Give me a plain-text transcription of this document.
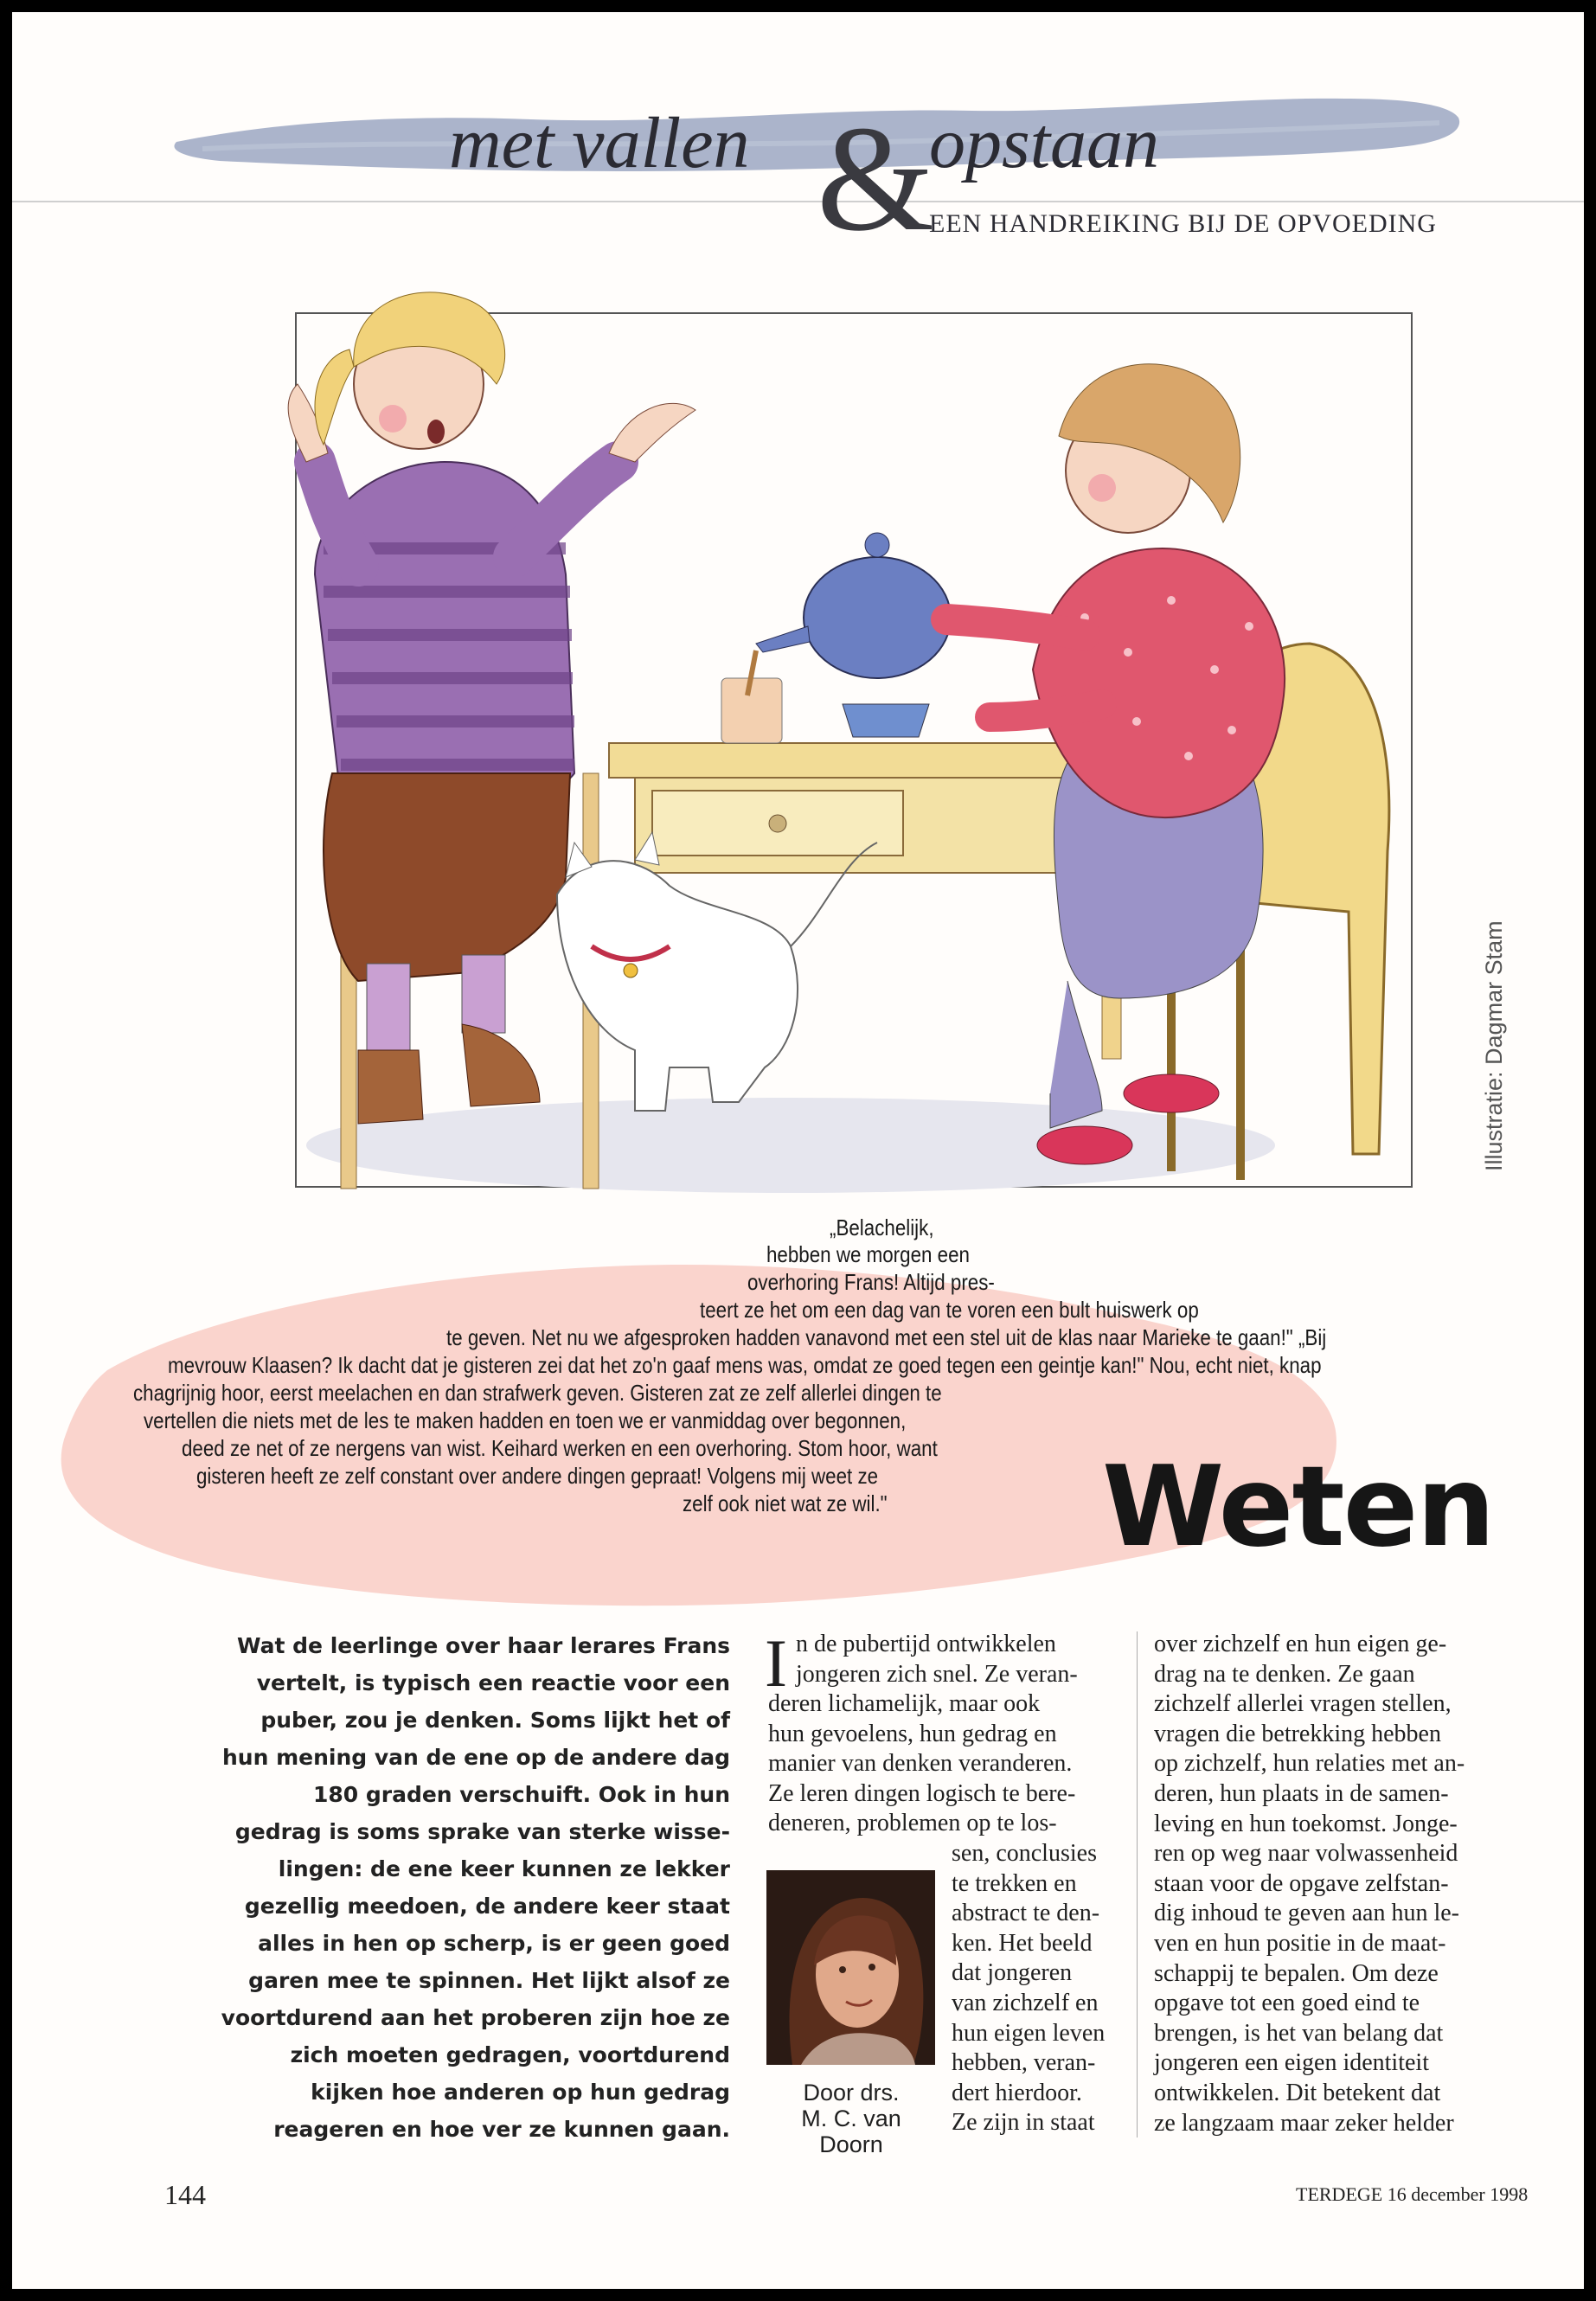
met vallen &
opstaan
EEN HANDREIKING BIJ DE OPVOEDING
Illustratie: Dagmar Stam
„Belachelijk,
hebben we morgen een
overhoring Frans! Altijd pres-
teert ze het om een dag van te voren een bult huiswerk op
te geven. Net nu we afgesproken hadden vanavond met een stel uit de klas naar Marieke te gaan!" „Bij
mevrouw Klaasen? Ik dacht dat je gisteren zei dat het zo'n gaaf mens was, omdat ze goed tegen een geintje kan!" Nou, echt niet, knap
chagrijnig hoor, eerst meelachen en dan strafwerk geven. Gisteren zat ze zelf allerlei dingen te
vertellen die niets met de les te maken hadden en toen we er vanmiddag over begonnen,
deed ze net of ze nergens van wist. Keihard werken en een overhoring. Stom hoor, want
gisteren heeft ze zelf constant over andere dingen gepraat! Volgens mij weet ze
zelf ook niet wat ze wil." Weten
Wat de leerlinge over haar lerares Frans
vertelt, is typisch een reactie voor een
puber, zou je denken. Soms lijkt het of
hun mening van de ene op de andere dag
180 graden verschuift. Ook in hun
gedrag is soms sprake van sterke wisse-
lingen: de ene keer kunnen ze lekker
gezellig meedoen, de andere keer staat
alles in hen op scherp, is er geen goed
garen mee te spinnen. Het lijkt alsof ze
voortdurend aan het proberen zijn hoe ze
zich moeten gedragen, voortdurend
kijken hoe anderen op hun gedrag
reageren en hoe ver ze kunnen gaan.
I n de pubertijd ontwikkelen
jongeren zich snel. Ze veran-
deren lichamelijk, maar ook
hun gevoelens, hun gedrag en
manier van denken veranderen.
Ze leren dingen logisch te bere-
deneren, problemen op te los-
sen, conclusies
te trekken en
abstract te den-
ken. Het beeld
dat jongeren
van zichzelf en
hun eigen leven
hebben, veran-
dert hierdoor.
Ze zijn in staat
Door drs.
M. C. van
Doorn
over zichzelf en hun eigen ge-
drag na te denken. Ze gaan
zichzelf allerlei vragen stellen,
vragen die betrekking hebben
op zichzelf, hun relaties met an-
deren, hun plaats in de samen-
leving en hun toekomst. Jonge-
ren op weg naar volwassenheid
staan voor de opgave zelfstan-
dig inhoud te geven aan hun le-
ven en hun positie in de maat-
schappij te bepalen. Om deze
opgave tot een goed eind te
brengen, is het van belang dat
jongeren een eigen identiteit
ontwikkelen. Dit betekent dat
ze langzaam maar zeker helder
144	TERDEGE 16 december 1998
